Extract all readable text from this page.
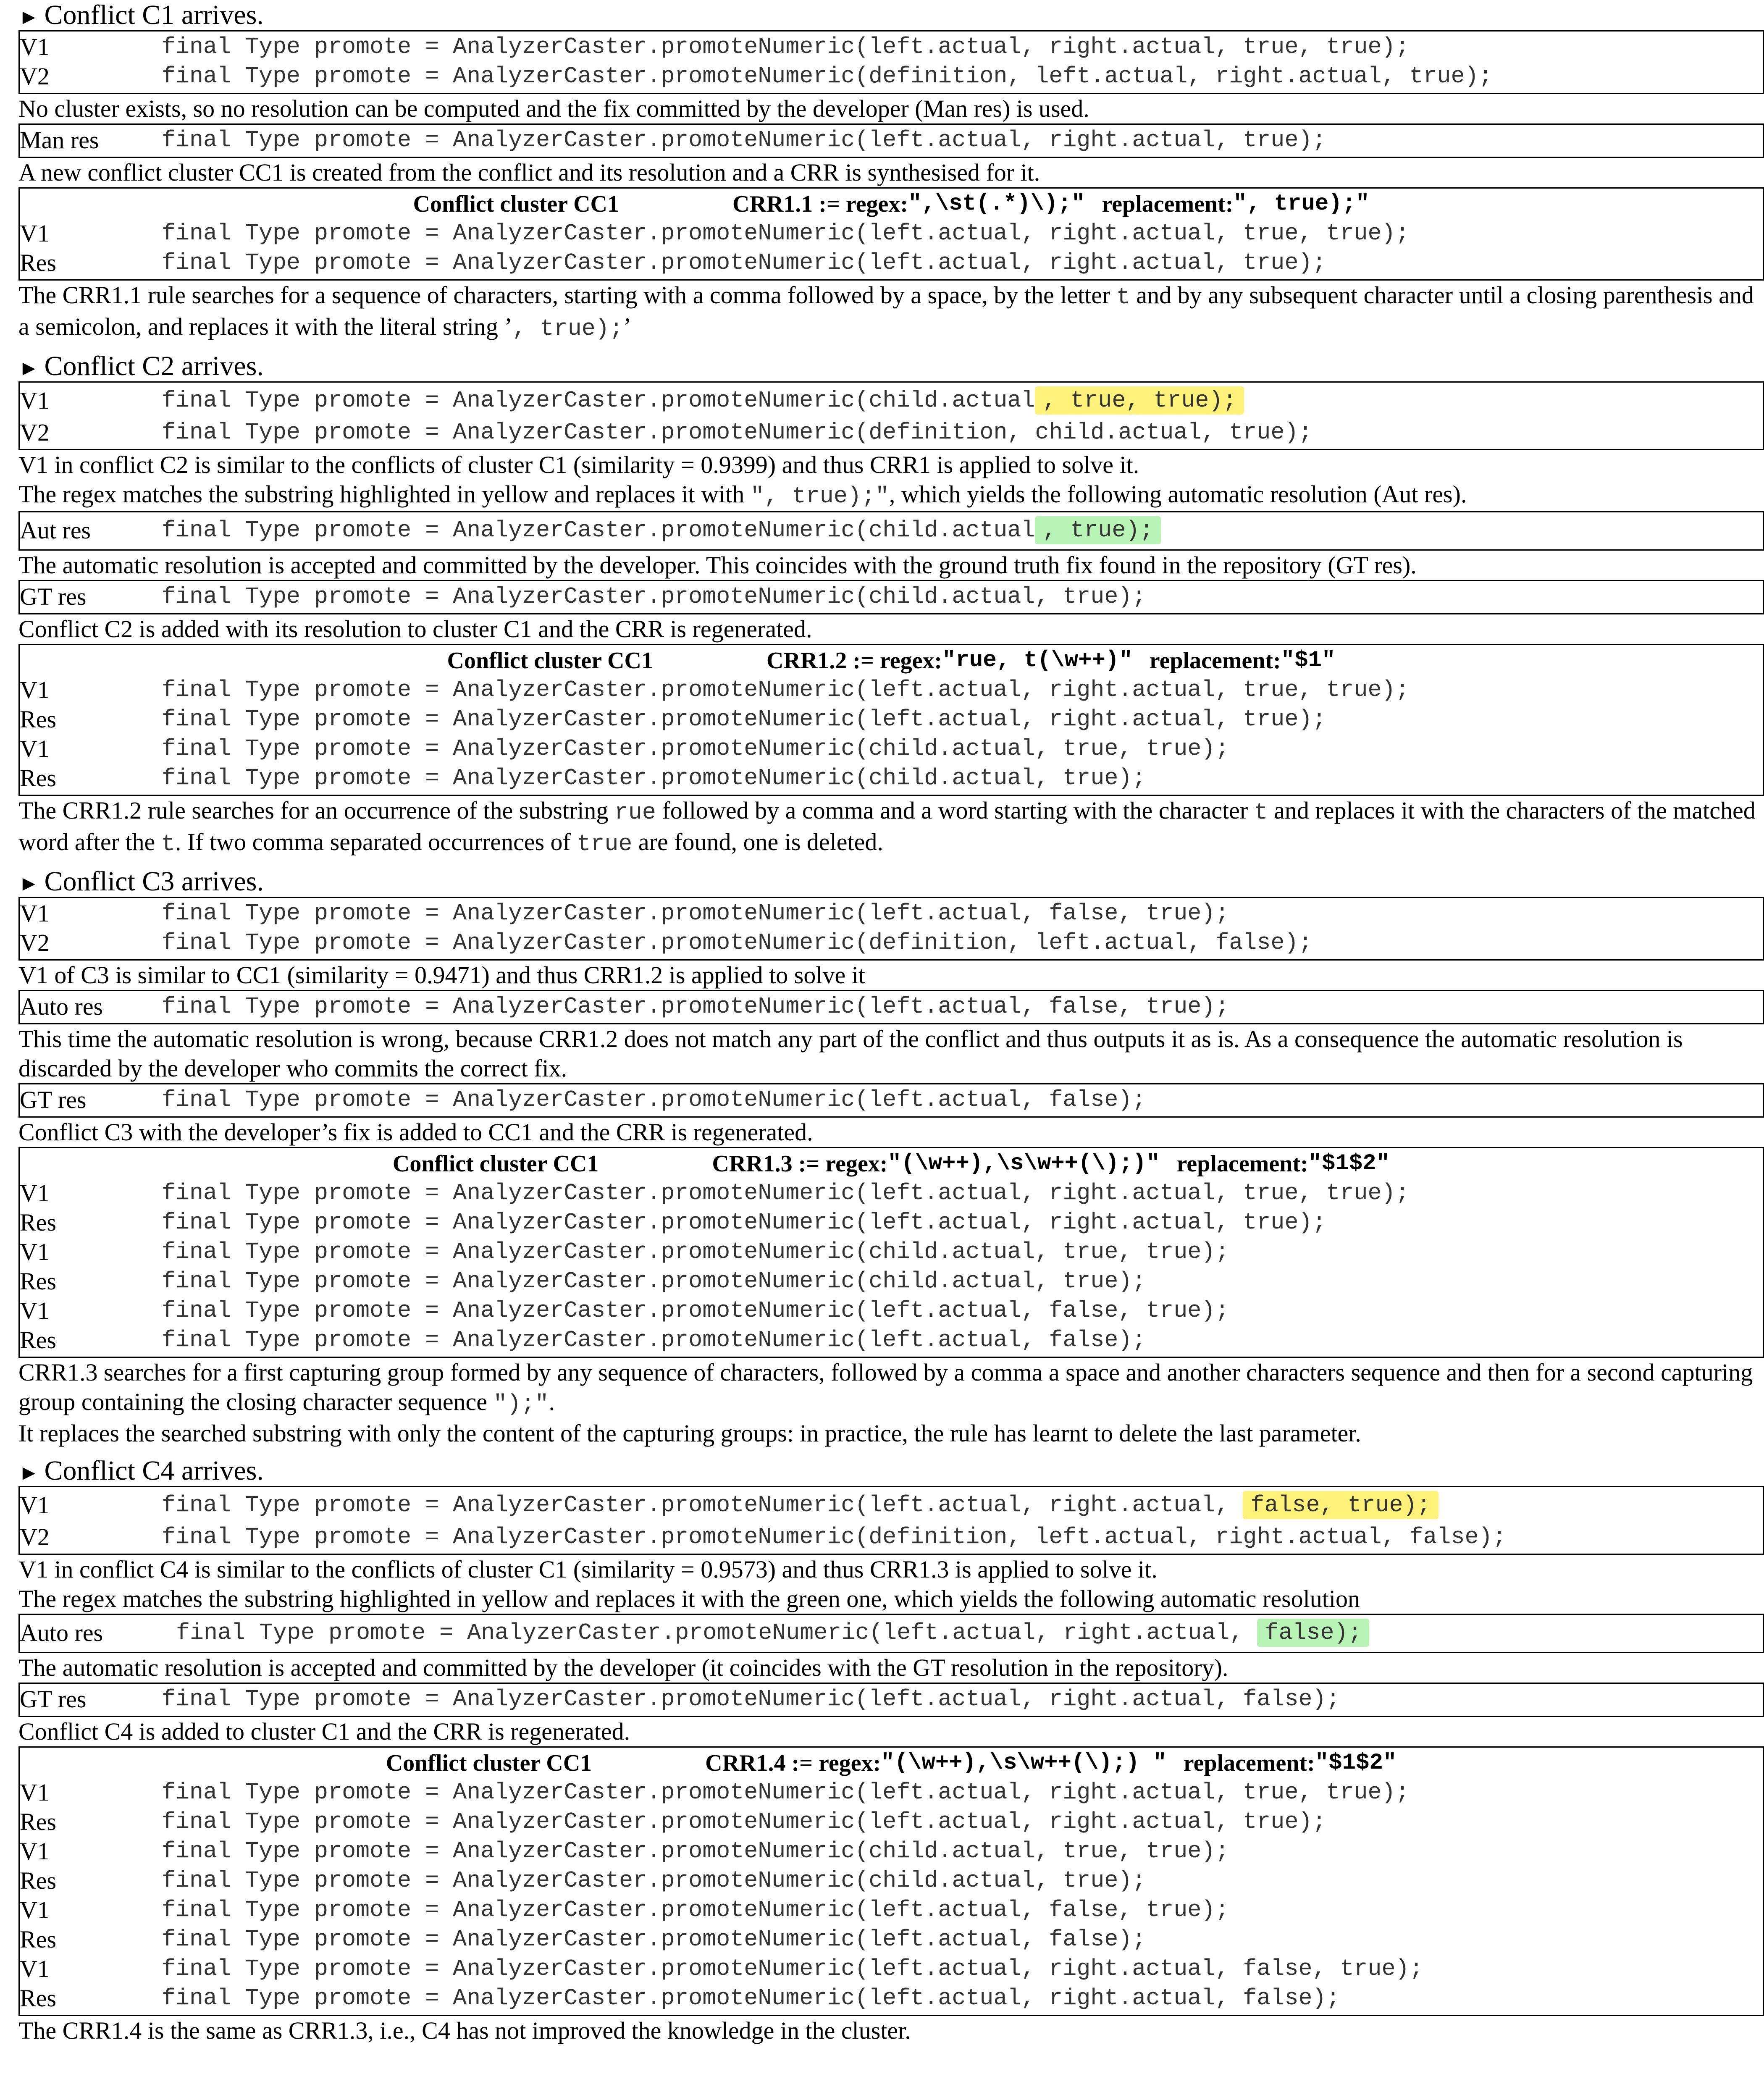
► Conflict C1 arrives.
V1	final Type promote = AnalyzerCaster.promoteNumeric(left.actual, right.actual, true, true);
V2	final Type promote = AnalyzerCaster.promoteNumeric(definition, left.actual, right.actual, true);
No cluster exists, so no resolution can be computed and the fix committed by the developer (Man res) is used.
Man res	final Type promote = AnalyzerCaster.promoteNumeric(left.actual, right.actual, true);
A new conflict cluster CC1 is created from the conflict and its resolution and a CRR is synthesised for it.
Conflict cluster CC1	CRR1.1 := regex: ",\st(.*)\);" replacement: ", true);"
V1	final Type promote = AnalyzerCaster.promoteNumeric(left.actual, right.actual, true, true);
Res	final Type promote = AnalyzerCaster.promoteNumeric(left.actual, right.actual, true);
The CRR1.1 rule searches for a sequence of characters, starting with a comma followed by a space, by the letter t and by any subsequent character until a closing parenthesis and a semicolon, and replaces it with the literal string ’, true);’
► Conflict C2 arrives.
V1	final Type promote = AnalyzerCaster.promoteNumeric(child.actual , true, true);
V2	final Type promote = AnalyzerCaster.promoteNumeric(definition, child.actual, true);

V1 in conflict C2 is similar to the conflicts of cluster C1 (similarity = 0.9399) and thus CRR1 is applied to solve it.

The regex matches the substring highlighted in yellow and replaces it with ", true);", which yields the following automatic resolution (Aut res).

Aut res	final Type promote = AnalyzerCaster.promoteNumeric(child.actual , true);
The automatic resolution is accepted and committed by the developer. This coincides with the ground truth fix found in the repository (GT res).
GT res	final Type promote = AnalyzerCaster.promoteNumeric(child.actual, true);
Conflict C2 is added with its resolution to cluster C1 and the CRR is regenerated.
Conflict cluster CC1	CRR1.2 := regex: "rue, t(\w++)" replacement: "$1"
V1	final Type promote = AnalyzerCaster.promoteNumeric(left.actual, right.actual, true, true);
Res	final Type promote = AnalyzerCaster.promoteNumeric(left.actual, right.actual, true);
V1	final Type promote = AnalyzerCaster.promoteNumeric(child.actual, true, true);
Res	final Type promote = AnalyzerCaster.promoteNumeric(child.actual, true);
The CRR1.2 rule searches for an occurrence of the substring rue followed by a comma and a word starting with the character t and replaces it with the characters of the matched word after the t. If two comma separated occurrences of true are found, one is deleted.
► Conflict C3 arrives.
V1	final Type promote = AnalyzerCaster.promoteNumeric(left.actual, false, true);
V2	final Type promote = AnalyzerCaster.promoteNumeric(definition, left.actual, false);
V1 of C3 is similar to CC1 (similarity = 0.9471) and thus CRR1.2 is applied to solve it
Auto res	final Type promote = AnalyzerCaster.promoteNumeric(left.actual, false, true);
This time the automatic resolution is wrong, because CRR1.2 does not match any part of the conflict and thus outputs it as is. As a consequence the automatic resolution is discarded by the developer who commits the correct fix.
GT res	final Type promote = AnalyzerCaster.promoteNumeric(left.actual, false);
Conflict C3 with the developer’s fix is added to CC1 and the CRR is regenerated.
Conflict cluster CC1	CRR1.3 := regex: "(\w++),\s\w++(\);)" replacement: "$1$2"
V1	final Type promote = AnalyzerCaster.promoteNumeric(left.actual, right.actual, true, true);
Res	final Type promote = AnalyzerCaster.promoteNumeric(left.actual, right.actual, true);
V1	final Type promote = AnalyzerCaster.promoteNumeric(child.actual, true, true);
Res	final Type promote = AnalyzerCaster.promoteNumeric(child.actual, true);
V1	final Type promote = AnalyzerCaster.promoteNumeric(left.actual, false, true);
Res	final Type promote = AnalyzerCaster.promoteNumeric(left.actual, false);

CRR1.3 searches for a first capturing group formed by any sequence of characters, followed by a comma a space and another characters sequence and then for a second capturing group containing the closing character sequence ");".

It replaces the searched substring with only the content of the capturing groups: in practice, the rule has learnt to delete the last parameter.

► Conflict C4 arrives.
V1	final Type promote = AnalyzerCaster.promoteNumeric(left.actual, right.actual, false, true);
V2	final Type promote = AnalyzerCaster.promoteNumeric(definition, left.actual, right.actual, false);

V1 in conflict C4 is similar to the conflicts of cluster C1 (similarity = 0.9573) and thus CRR1.3 is applied to solve it.

The regex matches the substring highlighted in yellow and replaces it with the green one, which yields the following automatic resolution

Auto res	final Type promote = AnalyzerCaster.promoteNumeric(left.actual, right.actual, false);
The automatic resolution is accepted and committed by the developer (it coincides with the GT resolution in the repository).
GT res	final Type promote = AnalyzerCaster.promoteNumeric(left.actual, right.actual, false);
Conflict C4 is added to cluster C1 and the CRR is regenerated.
Conflict cluster CC1	CRR1.4 := regex: "(\w++),\s\w++(\);) " replacement: "$1$2"
V1	final Type promote = AnalyzerCaster.promoteNumeric(left.actual, right.actual, true, true);
Res	final Type promote = AnalyzerCaster.promoteNumeric(left.actual, right.actual, true);
V1	final Type promote = AnalyzerCaster.promoteNumeric(child.actual, true, true);
Res	final Type promote = AnalyzerCaster.promoteNumeric(child.actual, true);
V1	final Type promote = AnalyzerCaster.promoteNumeric(left.actual, false, true);
Res	final Type promote = AnalyzerCaster.promoteNumeric(left.actual, false);
V1	final Type promote = AnalyzerCaster.promoteNumeric(left.actual, right.actual, false, true);
Res	final Type promote = AnalyzerCaster.promoteNumeric(left.actual, right.actual, false);
The CRR1.4 is the same as CRR1.3, i.e., C4 has not improved the knowledge in the cluster.
